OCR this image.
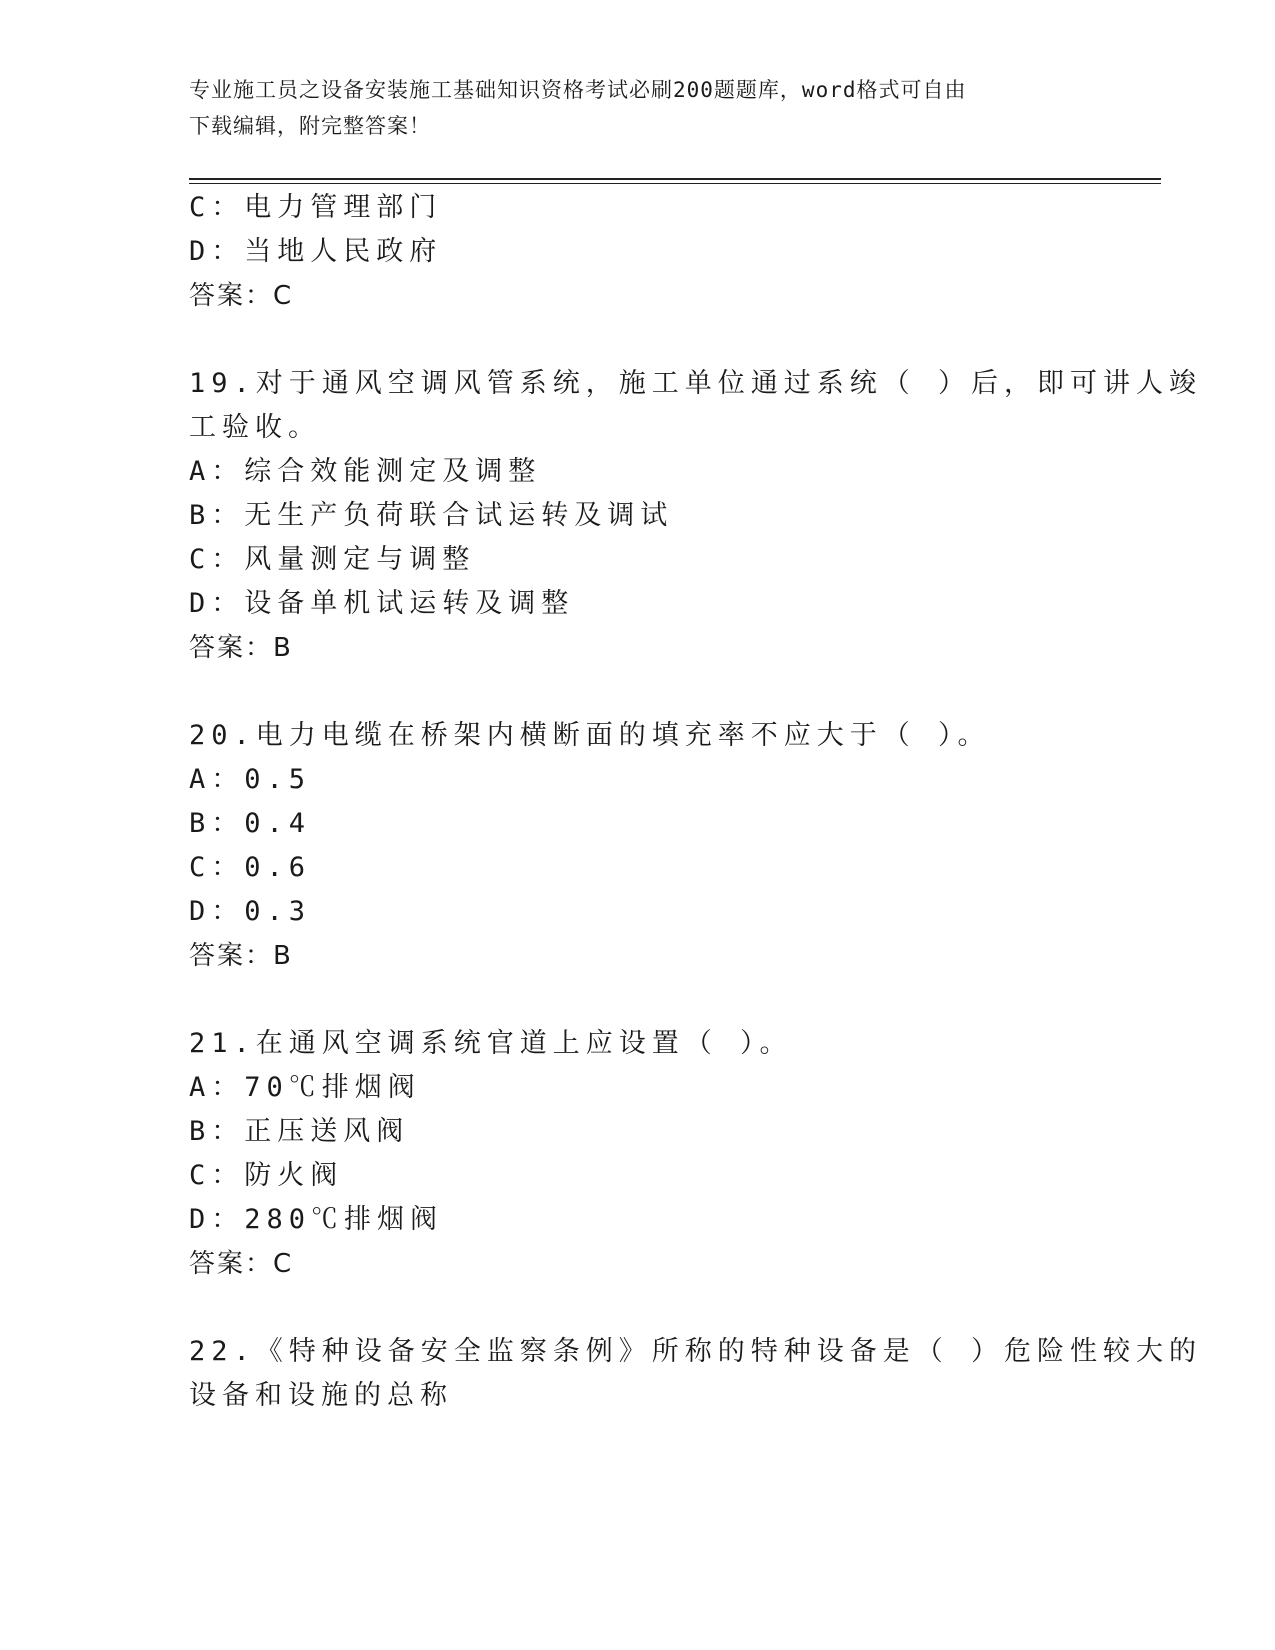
专业施工员之设备安装施工基础知识资格考试必刷200题题库，word格式可自由
下载编辑，附完整答案！
C：电力管理部门
D：当地人民政府
答案：C
19.对于通风空调风管系统，施工单位通过系统（ ）后，即可讲人竣
工验收。
A：综合效能测定及调整
B：无生产负荷联合试运转及调试
C：风量测定与调整
D：设备单机试运转及调整
答案：B
20.电力电缆在桥架内横断面的填充率不应大于（ ）。
A：0.5
B：0.4
C：0.6
D：0.3
答案：B
21.在通风空调系统官道上应设置（ ）。
A：70℃排烟阀
B：正压送风阀
C：防火阀
D：280℃排烟阀
答案：C
22.《特种设备安全监察条例》所称的特种设备是（ ）危险性较大的
设备和设施的总称
